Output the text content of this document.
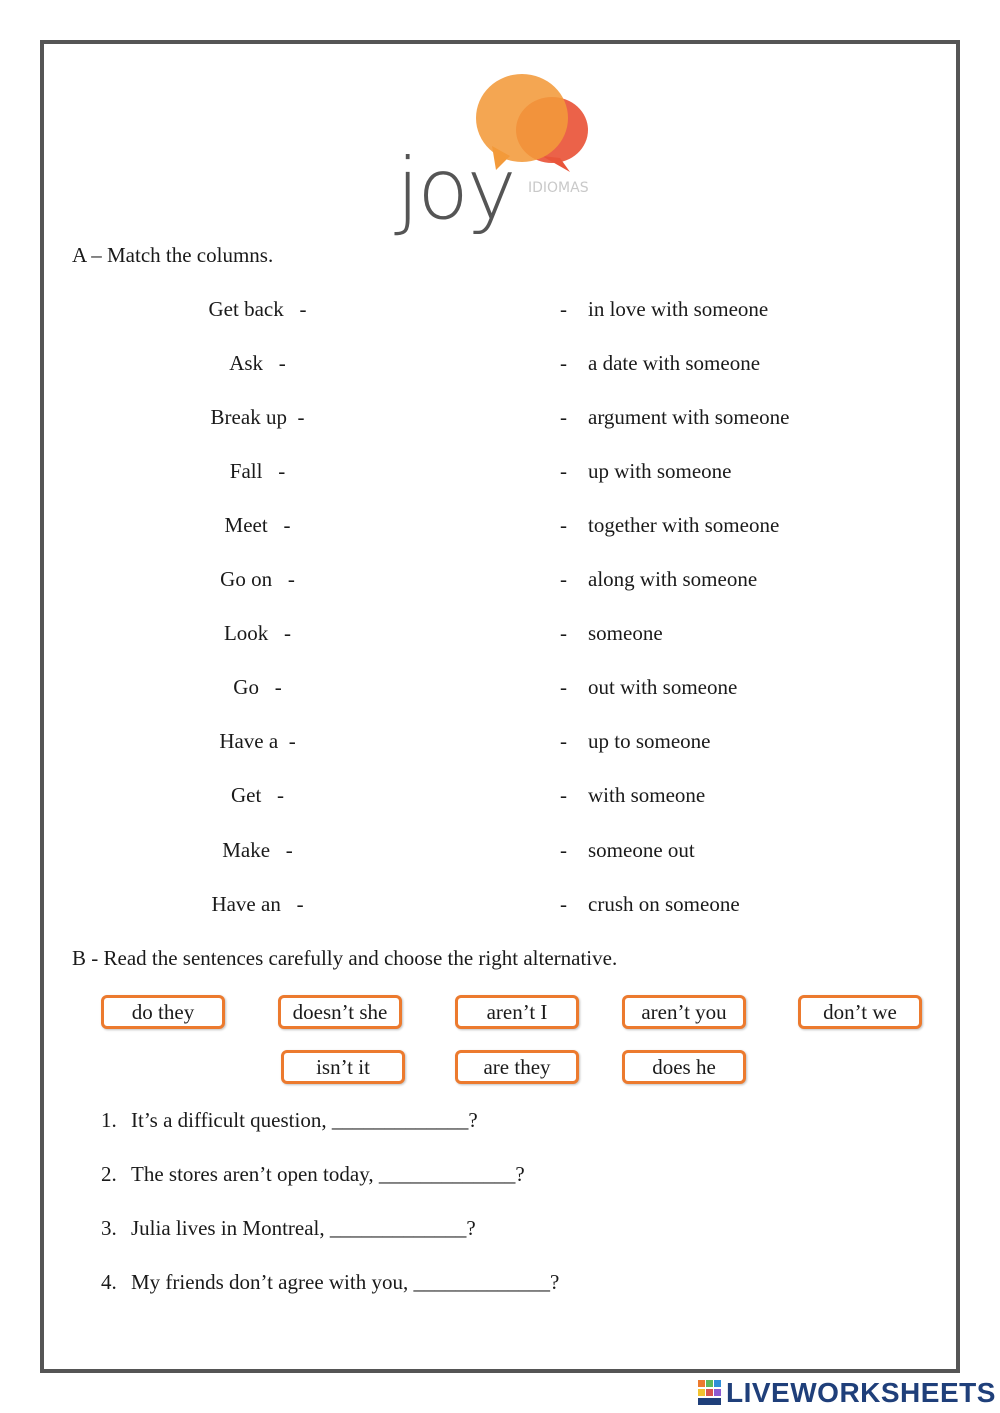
joy IDIOMAS
A – Match the columns.
Get back   -	- in love with someone
Ask   -	- a date with someone
Break up  -	- argument with someone
Fall   -	- up with someone
Meet   -	- together with someone
Go on   -	- along with someone
Look   -	- someone
Go   -	- out with someone
Have a  -	- up to someone
Get   -	- with someone
Make   -	- someone out
Have an   -	- crush on someone
B - Read the sentences carefully and choose the right alternative.
do they	doesn’t she	aren’t I	aren’t you	don’t we
isn’t it	are they	does he
1. It’s a difficult question, _____________?
2. The stores aren’t open today, _____________?
3. Julia lives in Montreal, _____________?
4. My friends don’t agree with you, _____________?
LIVEWORKSHEETS
